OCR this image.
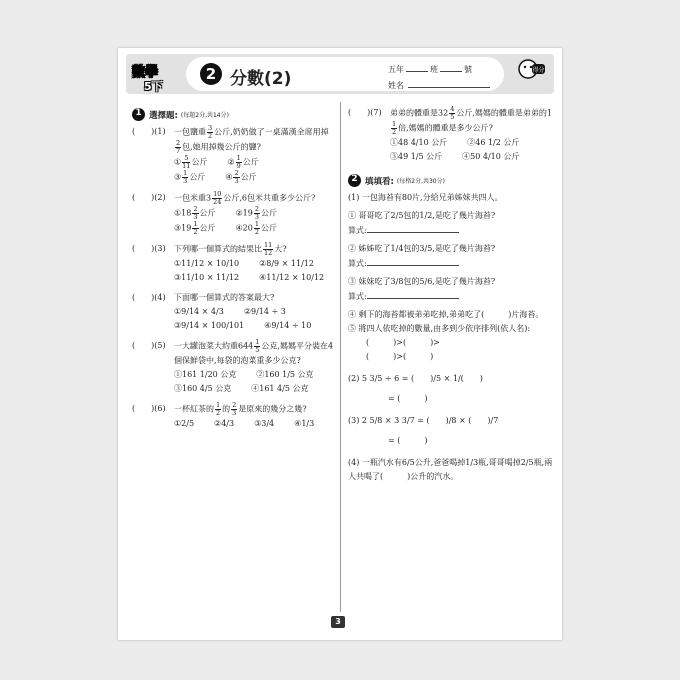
數學
5下
2 分數(2)	五年	班	號
姓名
得分
1 選擇題: (每題2分,共14分)
(　　)(1)	一包鹽重 $\frac{3}{2}$ 公斤,奶奶做了一桌滿漢全席用掉
$\frac{2}{7}$ 包,她用掉幾公斤的鹽?
① $\frac{5}{11}$ 公斤	② $\frac{1}{9}$ 公斤
③ $\frac{1}{3}$ 公斤	④ $\frac{2}{3}$ 公斤
(　　)(2)	一包米重$3 \frac{10}{24}$ 公斤,6包米共重多少公斤?
①18 $\frac{2}{3}$ 公斤	②19 $\frac{2}{3}$ 公斤
③19 $\frac{1}{2}$ 公斤	④20 $\frac{1}{2}$ 公斤
(　　)(3)	下列哪一個算式的結果比 $\frac{11}{12}$ 大?
①11/12 × 10/10	②8/9 × 11/12
③11/10 × 11/12	④11/12 × 10/12
(　　)(4)	下面哪一個算式的答案最大?
①9/14 × 4/3	②9/14 ÷ 3
③9/14 × 100/101	④9/14 ÷ 10
(　　)(5)	一大罐泡菜大約重$644 \frac{1}{5}$ 公克,媽媽平分裝在4個保鮮袋中,每袋的泡菜重多少公克?
①161 1/20 公克	②160 1/5 公克
③160 4/5 公克	④161 4/5 公克
(　　)(6)	一杯紅茶的 $\frac{1}{2}$ 的 $\frac{2}{3}$ 是原來的幾分之幾?
①2/5	②4/3	③3/4	④1/3
(　　)(7)	弟弟的體重是$32 \frac{4}{5}$ 公斤,媽媽的體重是弟弟的1
$\frac{1}{2}$ 倍,媽媽的體重是多少公斤?
①48 4/10 公斤	②46 1/2 公斤
③49 1/5 公斤	④50 4/10 公斤
2 填填看: (每格2分,共30分)
(1) 一包海苔有80片,分給兄弟姊妹共四人。
① 哥哥吃了2/5包的1/2,是吃了幾片海苔?
算式:
② 姊姊吃了1/4包的3/5,是吃了幾片海苔?
算式:
③ 妹妹吃了3/8包的5/6,是吃了幾片海苔?
算式:
④ 剩下的海苔都被弟弟吃掉,弟弟吃了(　　　)片海苔。
⑤ 將四人依吃掉的數量,由多到少依序排列(依人名):
(　　　)>(　　　)>
(　　　)>(　　　)
(2) 5 3/5 ÷ 6 = (　　)/5 × 1/(　　)
= (　　　)
(3) 2 5/8 × 3 3/7 = (　　)/8 × (　　)/7
= (　　　)
(4) 一瓶汽水有6/5公升,爸爸喝掉1/3瓶,哥哥喝掉2/5瓶,兩人共喝了(　　　)公升的汽水。
3
